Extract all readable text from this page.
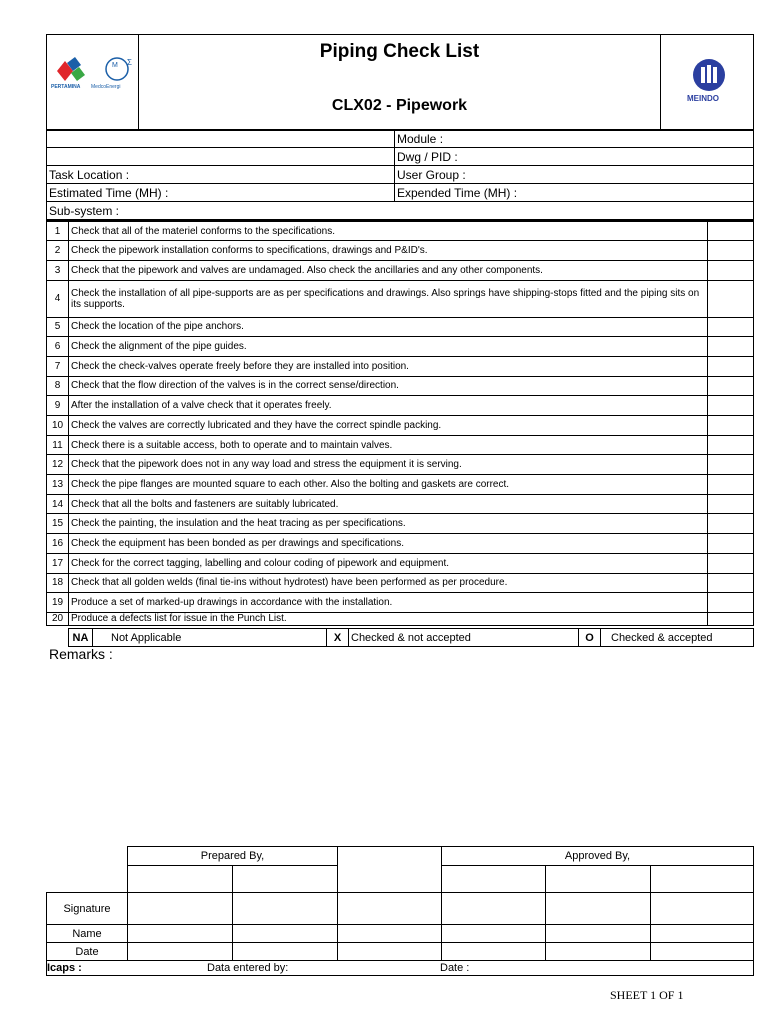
M Σ
PERTAMINA MedcoEnergi

Piping Check List
CLX02 - Pipework	MEINDO
	Module :
	Dwg / PID :
Task Location :	User Group :
Estimated Time (MH) :	Expended Time (MH) :
Sub-system :	
1	Check that all of the materiel conforms to the specifications.	
2	Check the pipework installation conforms to specifications, drawings and P&ID's.	
3	Check that the pipework and valves are undamaged. Also check the ancillaries and any other components.	
4	Check the installation of all pipe-supports are as per specifications and drawings. Also springs have shipping-stops fitted and the piping sits on its supports.	
5	Check the location of the pipe anchors.	
6	Check the alignment of the pipe guides.	
7	Check the check-valves operate freely before they are installed into position.	
8	Check that the flow direction of the valves is in the correct sense/direction.	
9	After the installation of a valve check that it operates freely.	
10	Check the valves are correctly lubricated and they have the correct spindle packing.	
11	Check there is a suitable access, both to operate and to maintain valves.	
12	Check that the pipework does not in any way load and stress the equipment it is serving.	
13	Check the pipe flanges are mounted square to each other. Also the bolting and gaskets are correct.	
14	Check that all the bolts and fasteners are suitably lubricated.	
15	Check the painting, the insulation and the heat tracing as per specifications.	
16	Check the equipment has been bonded as per drawings and specifications.	
17	Check for the correct tagging, labelling and colour coding of pipework and equipment.	
18	Check that all golden welds (final tie-ins without hydrotest) have been performed as per procedure.	
19	Produce a set of marked-up drawings in accordance with the installation.	
20	Produce a defects list for issue in the Punch List.	
NA	Not Applicable	X	Checked & not accepted	O	Checked & accepted
Remarks :
	Prepared By,			Approved By,		

Signature						
Name						
Date						
Icaps : Data entered by: Date :						
SHEET 1 OF 1
